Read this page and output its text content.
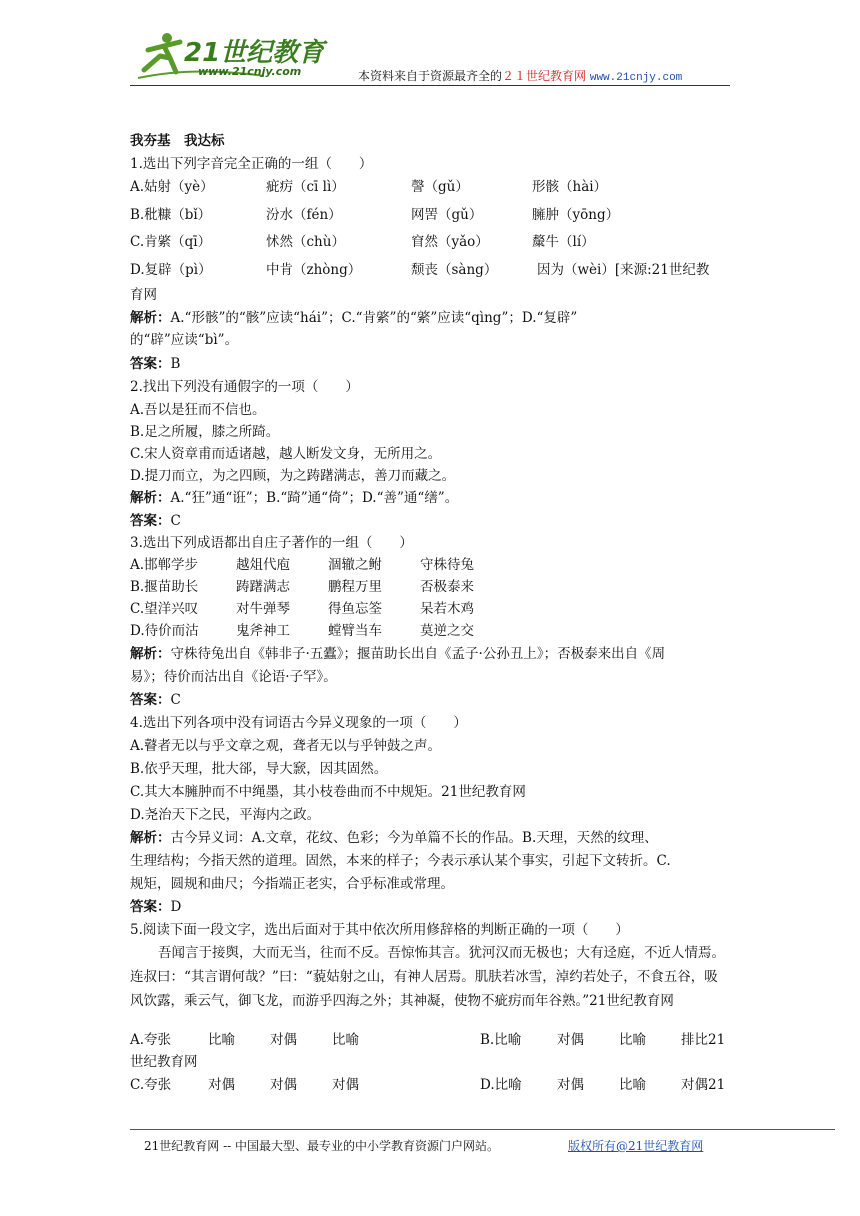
21世纪教育
www.21cnjy.com	本资料来自于资源最齐全的２１世纪教育网 www.21cnjy.com
我夯基　我达标
1.选出下列字音完全正确的一组（　　）
A.姑射（yè）	疵疠（cī lì）	謦（gǔ）	形骸（hài）
B.秕糠（bǐ）	汾水（fén）	网罟（gǔ）	臃肿（yōng）
C.肯綮（qī）	怵然（chù）	窅然（yǎo）	斄牛（lí）
D.复辟（pì）	中肯（zhòng）	颓丧（sàng）	因为（wèi）[来源:21世纪教
育网
解析：A.“形骸”的“骸”应读“hái”；C.“肯綮”的“綮”应读“qìng”；D.“复辟”
的“辟”应读“bì”。
答案：B
2.找出下列没有通假字的一项（　　）
A.吾以是狂而不信也。
B.足之所履，膝之所踦。
C.宋人资章甫而适诸越，越人断发文身，无所用之。
D.提刀而立，为之四顾，为之踌躇满志，善刀而藏之。
解析：A.“狂”通“诳”；B.“踦”通“倚”；D.“善”通“缮”。
答案：C
3.选出下列成语都出自庄子著作的一组（　　）
A.邯郸学步	越俎代庖	涸辙之鲋	守株待兔
B.揠苗助长	踌躇满志	鹏程万里	否极泰来
C.望洋兴叹	对牛弹琴	得鱼忘筌	呆若木鸡
D.待价而沽	鬼斧神工	螳臂当车	莫逆之交
解析：守株待兔出自《韩非子·五蠹》；揠苗助长出自《孟子·公孙丑上》；否极泰来出自《周
易》；待价而沽出自《论语·子罕》。
答案：C
4.选出下列各项中没有词语古今异义现象的一项（　　）
A.瞽者无以与乎文章之观，聋者无以与乎钟鼓之声。
B.依乎天理，批大郤，导大窾，因其固然。
C.其大本臃肿而不中绳墨，其小枝卷曲而不中规矩。21世纪教育网
D.尧治天下之民，平海内之政。
解析：古今异义词：A.文章，花纹、色彩；今为单篇不长的作品。B.天理，天然的纹理、
生理结构；今指天然的道理。固然，本来的样子；今表示承认某个事实，引起下文转折。C.
规矩，圆规和曲尺；今指端正老实，合乎标准或常理。
答案：D
5.阅读下面一段文字，选出后面对于其中依次所用修辞格的判断正确的一项（　　）
吾闻言于接舆，大而无当，往而不反。吾惊怖其言。犹河汉而无极也；大有迳庭，不近人情焉。连叔曰：“其言谓何哉？”曰：“藐姑射之山，有神人居焉。肌肤若冰雪，淖约若处子，不食五谷，吸风饮露，乘云气，御飞龙，而游乎四海之外；其神凝，使物不疵疠而年谷熟。”21世纪教育网
A.夸张	比喻	对偶	比喻	B.比喻	对偶	比喻	排比21
世纪教育网
C.夸张	对偶	对偶	对偶	D.比喻	对偶	比喻	对偶21
21世纪教育网 -- 中国最大型、最专业的中小学教育资源门户网站。	版权所有@21世纪教育网
